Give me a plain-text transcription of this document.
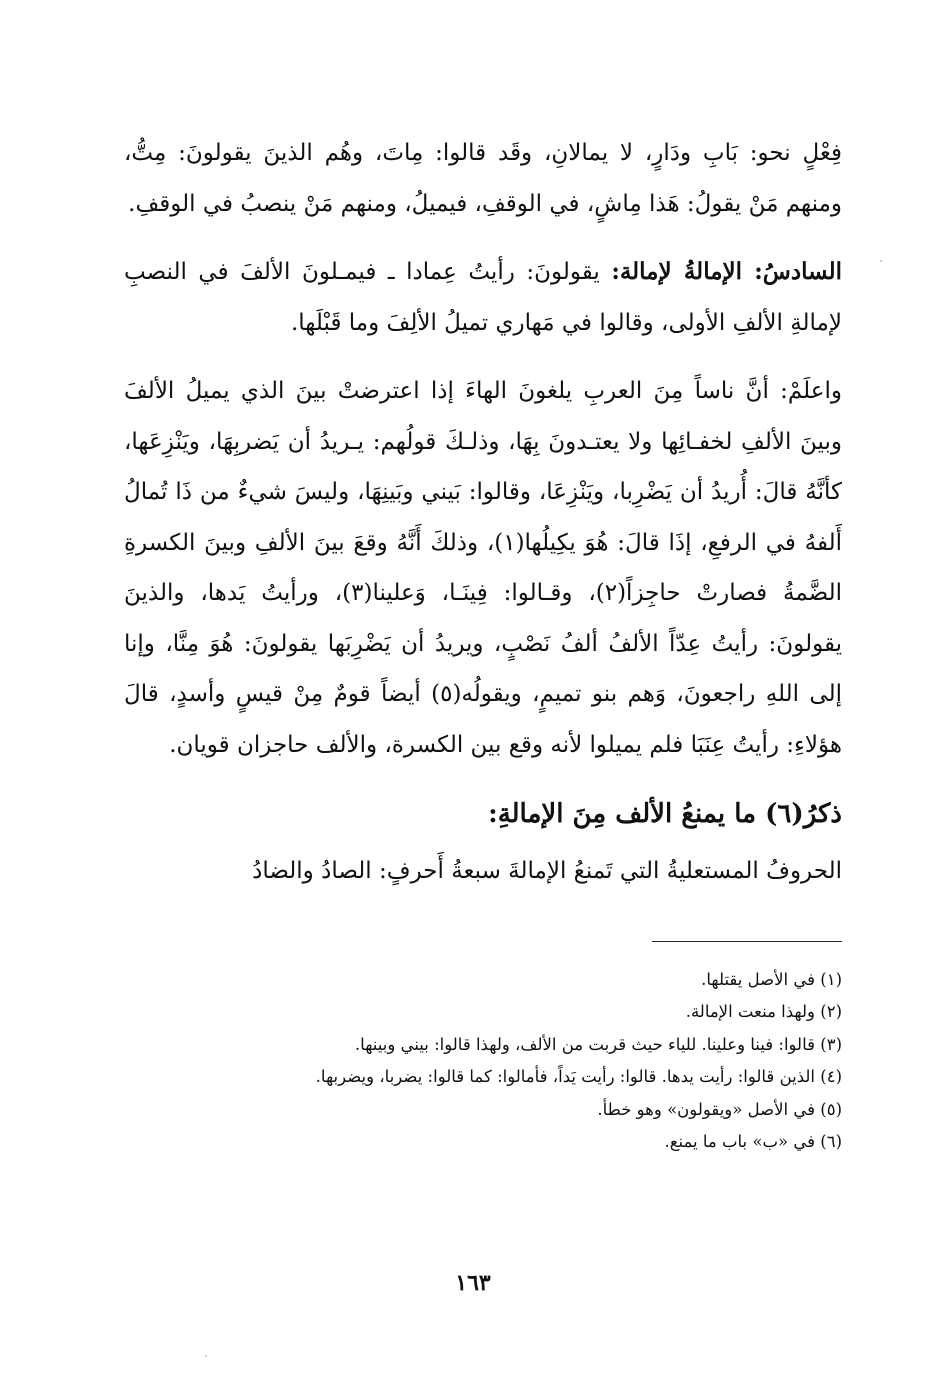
فِعْلٍ نحو: بَابِ ودَارٍ، لا يمالانِ، وقَد قالوا: مِاتَ، وهُم الذينَ يقولونَ: مِتُّ، ومنهم مَنْ يقولُ: هَذا مِاشٍ، في الوقفِ، فيميلُ، ومنهم مَنْ ينصبُ في الوقفِ.

السادسُ: الإمالةُ لإمالة: يقولونَ: رأيتُ عِمادا ـ فيمـلونَ الألفَ في النصبِ لإمالةِ الألفِ الأولى، وقالوا في مَهاري تميلُ الألِفَ وما قَبْلَها.

واعلَمْ: أنَّ ناساً مِنَ العربِ يلغونَ الهاءَ إذا اعترضتْ بينَ الذي يميلُ الألفَ وبينَ الألفِ لخفـائِها ولا يعتـدونَ بِهَا، وذلـكَ قولُهم: يـريدُ أن يَضربِهَا، ويَنْزِعَها، كأنَّهُ قالَ: أُريدُ أن يَضْرِبا، ويَنْزِعَا، وقالوا: بَيني وبَينِهَا، وليسَ شيءٌ من ذَا تُمالُ أَلفهُ في الرفعِ، إذَا قالَ: هُوَ يكِيلُها(١)، وذلكَ أَنَّهُ وقعَ بينَ الألفِ وبينَ الكسرةِ الضَّمةُ فصارتْ حاجِزاً(٢)، وقـالوا: فِينَـا، وَعلينا(٣)، ورأيتُ يَدها، والذينَ يقولونَ: رأيتُ عِدّاً الألفُ ألفُ نَصْبٍ، ويريدُ أن يَضْرِبَها يقولونَ: هُوَ مِنَّا، وإنا إلى اللهِ راجعونَ، وَهم بنو تميمٍ، ويقولُه(٥) أيضاً قومٌ مِنْ قيسٍ وأسدٍ، قالَ هؤلاءِ: رأيتُ عِنَبَا فلم يميلوا لأنه وقع بين الكسرة، والألف حاجزان قويان.

ذكرُ(٦) ما يمنعُ الألف مِنَ الإمالةِ:

الحروفُ المستعليةُ التي تَمنعُ الإمالةَ سبعةُ أَحرفٍ: الصادُ والضادُ

(١) في الأصل يقتلها.

(٢) ولهذا منعت الإمالة.

(٣) قالوا: فينا وعلينا. للياء حيث قربت من الألف، ولهذا قالوا: بيني وبينها.

(٤) الذين قالوا: رأيت يدها. قالوا: رأيت يَداً، فأمالوا: كما قالوا: يضربا، ويضربها.

(٥) في الأصل «ويقولون» وهو خطأ.

(٦) في «ب» باب ما يمنع.

١٦٣
